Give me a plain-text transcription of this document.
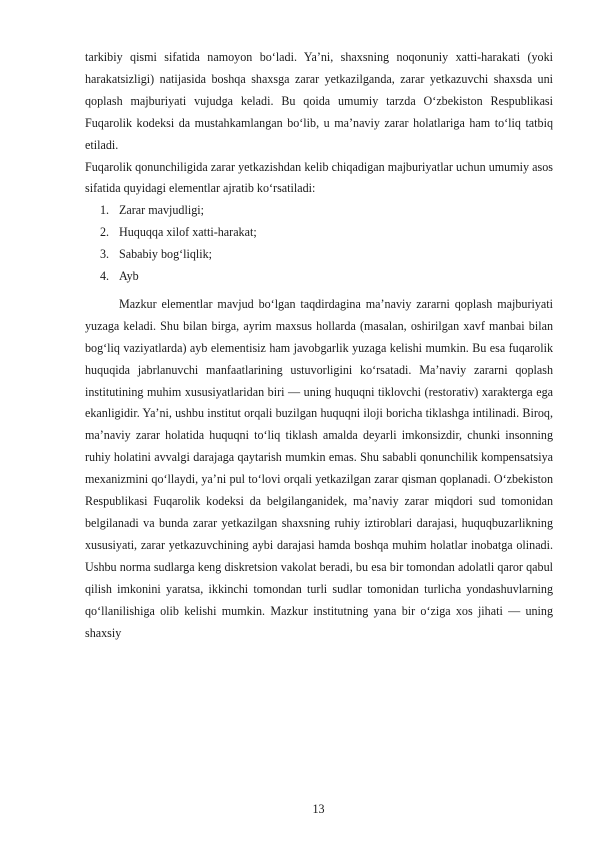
tarkibiy qismi sifatida namoyon bo‘ladi. Ya’ni, shaxsning noqonuniy xatti-harakati (yoki harakatsizligi) natijasida boshqa shaxsga zarar yetkazilganda, zarar yetkazuvchi shaxsda uni qoplash majburiyati vujudga keladi. Bu qoida umumiy tarzda O‘zbekiston Respublikasi Fuqarolik kodeksi da mustahkamlangan bo‘lib, u ma’naviy zarar holatlariga ham to‘liq tatbiq etiladi.

Fuqarolik qonunchiligida zarar yetkazishdan kelib chiqadigan majburiyatlar uchun umumiy asos sifatida quyidagi elementlar ajratib ko‘rsatiladi:

1. Zarar mavjudligi;
2. Huquqqa xilof xatti-harakat;
3. Sababiy bog‘liqlik;
4. Ayb

Mazkur elementlar mavjud bo‘lgan taqdirdagina ma’naviy zararni qoplash majburiyati yuzaga keladi. Shu bilan birga, ayrim maxsus hollarda (masalan, oshirilgan xavf manbai bilan bog‘liq vaziyatlarda) ayb elementisiz ham javobgarlik yuzaga kelishi mumkin. Bu esa fuqarolik huquqida jabrlanuvchi manfaatlarining ustuvorligini ko‘rsatadi. Ma’naviy zararni qoplash institutining muhim xususiyatlaridan biri — uning huquqni tiklovchi (restorativ) xarakterga ega ekanligidir. Ya’ni, ushbu institut orqali buzilgan huquqni iloji boricha tiklashga intilinadi. Biroq, ma’naviy zarar holatida huquqni to‘liq tiklash amalda deyarli imkonsizdir, chunki insonning ruhiy holatini avvalgi darajaga qaytarish mumkin emas. Shu sababli qonunchilik kompensatsiya mexanizmini qo‘llaydi, ya’ni pul to‘lovi orqali yetkazilgan zarar qisman qoplanadi. O‘zbekiston Respublikasi Fuqarolik kodeksi da belgilanganidek, ma’naviy zarar miqdori sud tomonidan belgilanadi va bunda zarar yetkazilgan shaxsning ruhiy iztiroblari darajasi, huquqbuzarlikning xususiyati, zarar yetkazuvchining aybi darajasi hamda boshqa muhim holatlar inobatga olinadi. Ushbu norma sudlarga keng diskretsion vakolat beradi, bu esa bir tomondan adolatli qaror qabul qilish imkonini yaratsa, ikkinchi tomondan turli sudlar tomonidan turlicha yondashuvlarning qo‘llanilishiga olib kelishi mumkin. Mazkur institutning yana bir o‘ziga xos jihati — uning shaxsiy

13
